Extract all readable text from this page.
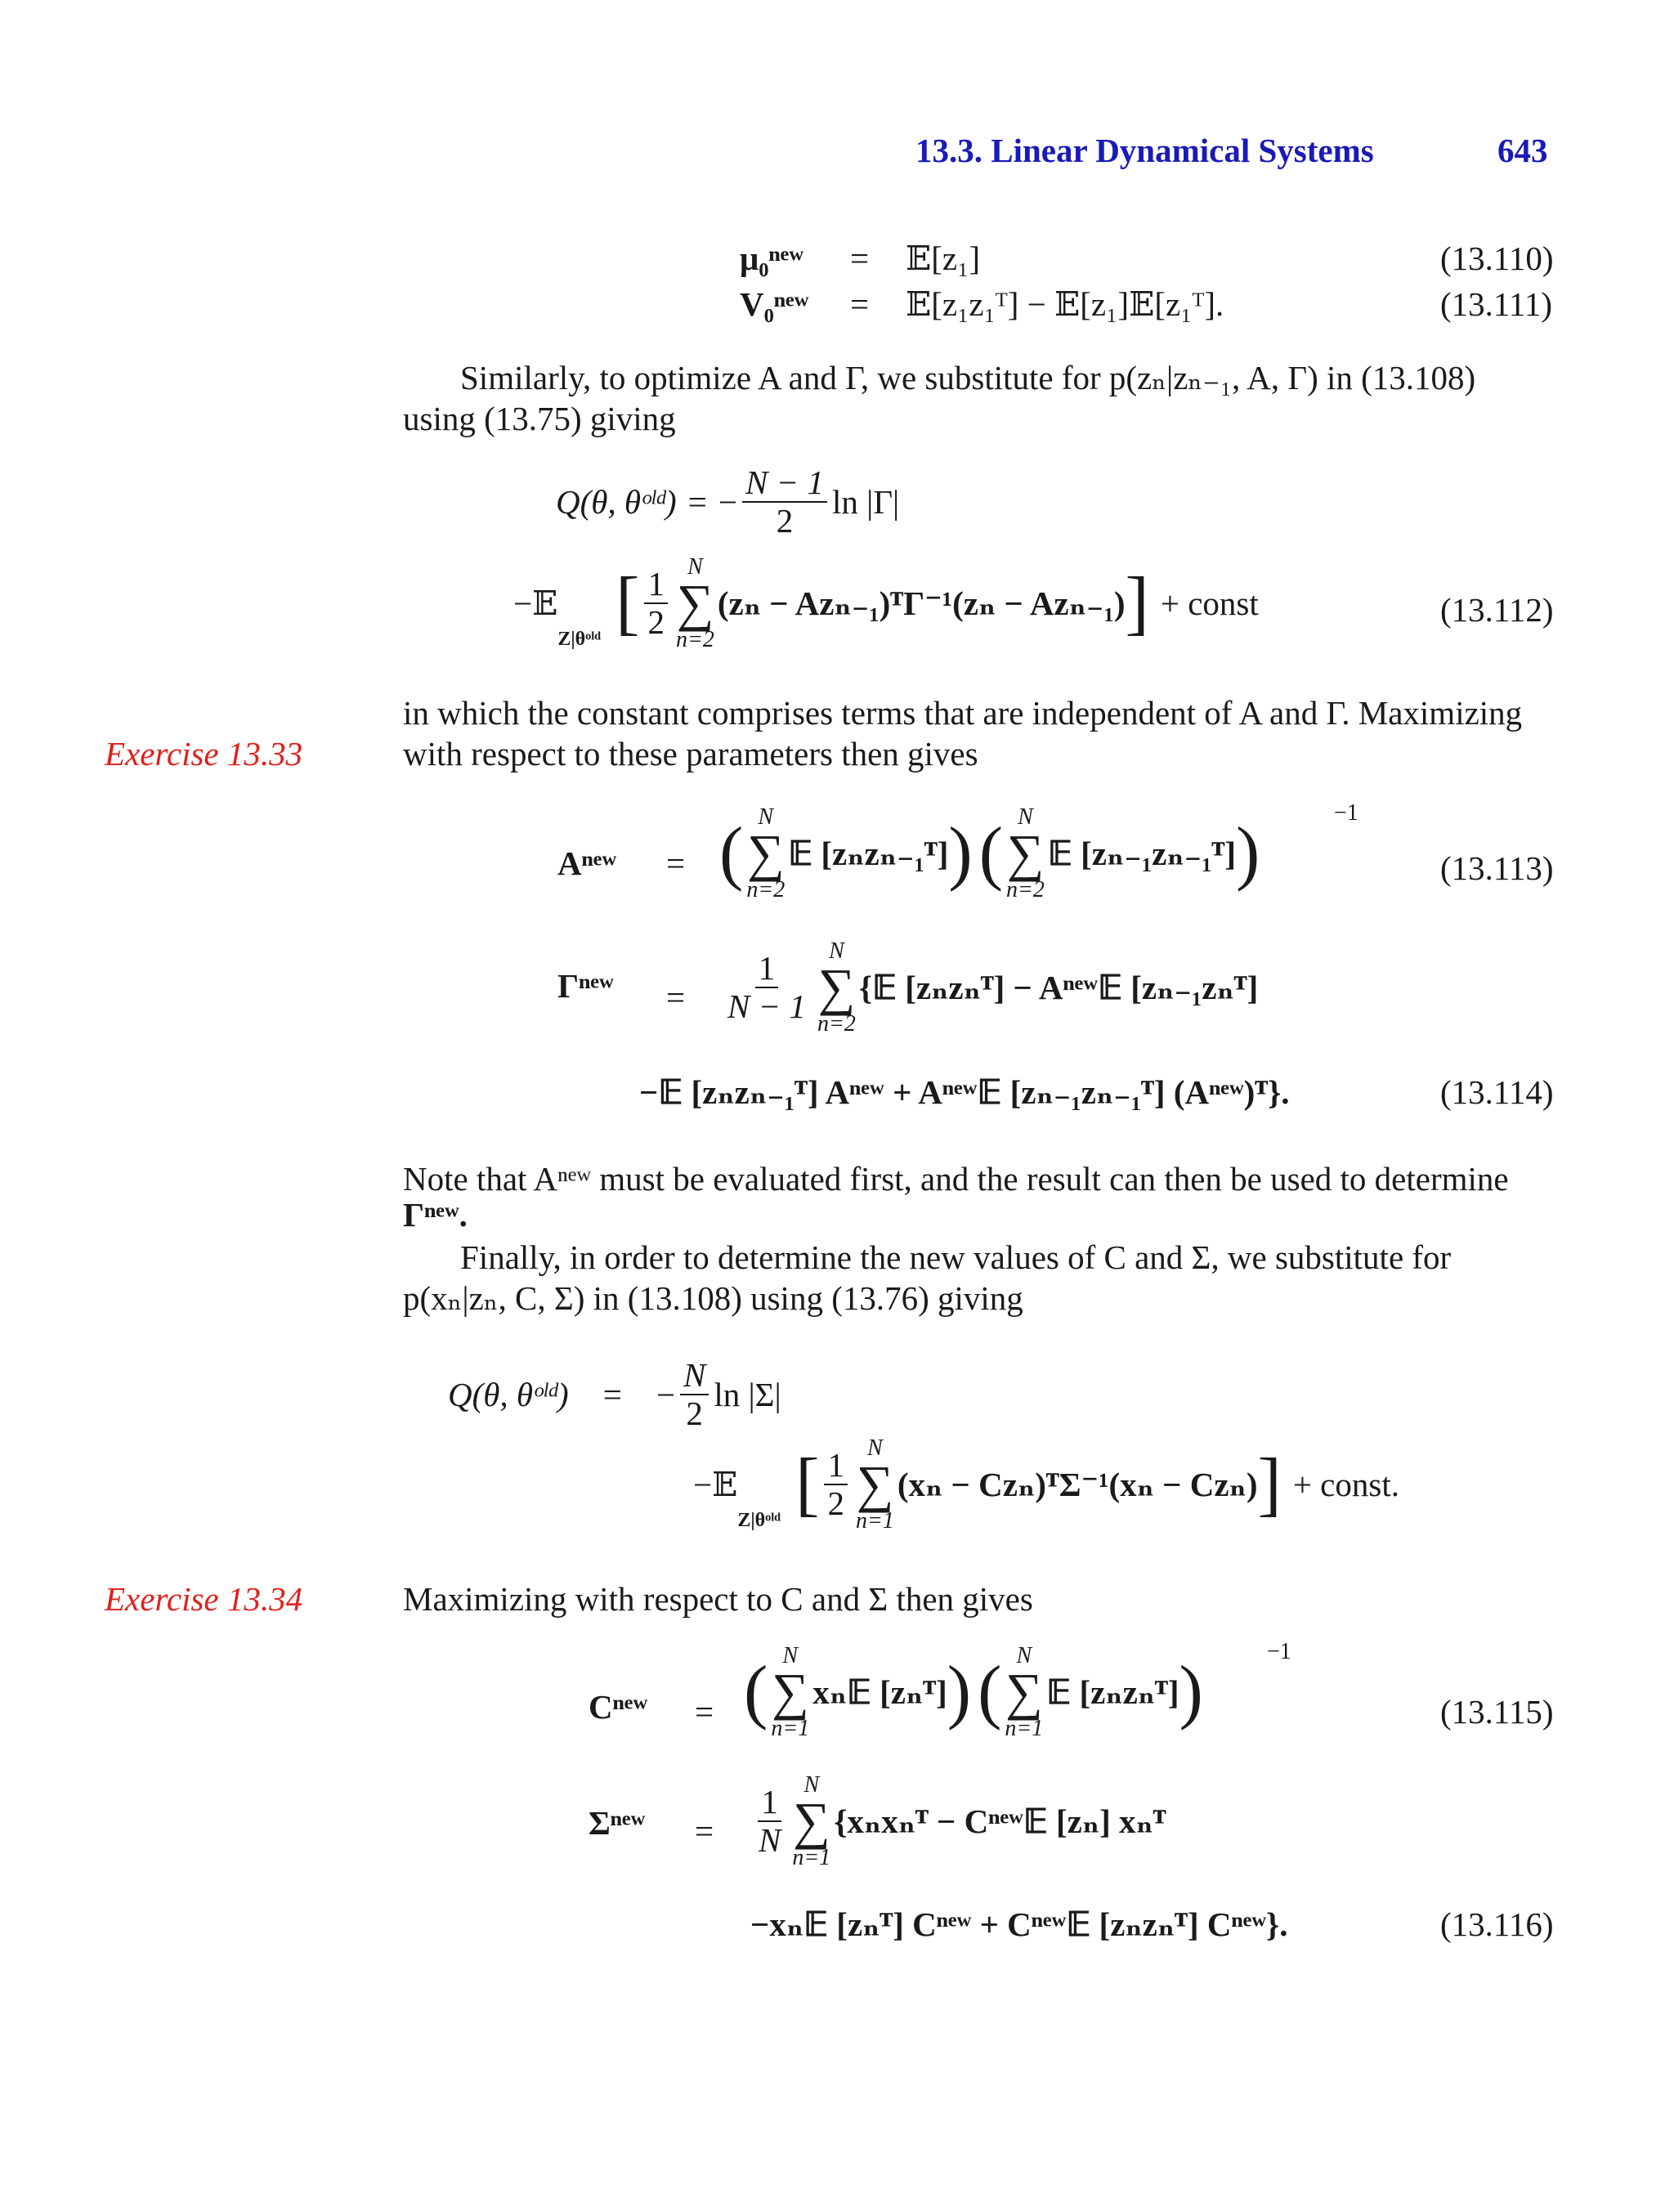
13.3. Linear Dynamical Systems	643
μ₀ⁿᵉʷ = 𝔼[z₁]	(13.110)
V₀ⁿᵉʷ = 𝔼[z₁z₁ᵀ] − 𝔼[z₁]𝔼[z₁ᵀ].	(13.111)
Similarly, to optimize A and Γ, we substitute for p(zₙ|zₙ₋₁, A, Γ) in (13.108)
using (13.75) giving
Q(θ, θᵒˡᵈ) = − $\frac{N - 1}{2}$ ln |Γ|
−𝔼
Z|θᵒˡᵈ [ $\frac{1}{2}$ N
∑
n=2
(zₙ − Azₙ₋₁)ᵀΓ⁻¹(zₙ − Azₙ₋₁) ] + const	(13.112)
Exercise 13.33
in which the constant comprises terms that are independent of A and Γ. Maximizing
with respect to these parameters then gives
Aⁿᵉʷ = ( N
∑
n=2
𝔼 [zₙzₙ₋₁ᵀ] ) ( N
∑
n=2
𝔼 [zₙ₋₁zₙ₋₁ᵀ] )
−1
(13.113)
Γⁿᵉʷ = $\frac{1}{N - 1}$ N
∑
n=2
{𝔼 [zₙzₙᵀ] − Aⁿᵉʷ𝔼 [zₙ₋₁zₙᵀ]
−𝔼 [zₙzₙ₋₁ᵀ] Aⁿᵉʷ + Aⁿᵉʷ𝔼 [zₙ₋₁zₙ₋₁ᵀ] (Aⁿᵉʷ)ᵀ}.	(13.114)
Note that Aⁿᵉʷ must be evaluated first, and the result can then be used to determine
Γⁿᵉʷ.
Finally, in order to determine the new values of C and Σ, we substitute for
p(xₙ|zₙ, C, Σ) in (13.108) using (13.76) giving
Q(θ, θᵒˡᵈ) = − $\frac{N}{2}$ ln |Σ|
−𝔼
Z|θᵒˡᵈ [ $\frac{1}{2}$ N
∑
n=1
(xₙ − Czₙ)ᵀΣ⁻¹(xₙ − Czₙ) ] + const.
Exercise 13.34	Maximizing with respect to C and Σ then gives
Cⁿᵉʷ = ( N
∑
n=1
xₙ𝔼 [zₙᵀ] ) ( N
∑
n=1
𝔼 [zₙzₙᵀ] )
−1
(13.115)
Σⁿᵉʷ = $\frac{1}{N}$ N
∑
n=1
{xₙxₙᵀ − Cⁿᵉʷ𝔼 [zₙ] xₙᵀ
−xₙ𝔼 [zₙᵀ] Cⁿᵉʷ + Cⁿᵉʷ𝔼 [zₙzₙᵀ] Cⁿᵉʷ}.	(13.116)
